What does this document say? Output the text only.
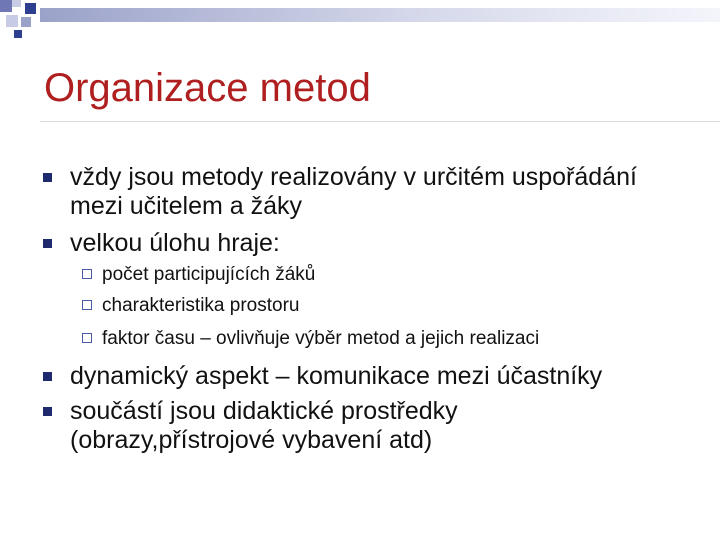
Organizace metod
vždy jsou metody realizovány v určitém uspořádání mezi učitelem a žáky
velkou úlohu hraje:
počet participujících žáků
charakteristika prostoru
faktor času – ovlivňuje výběr metod a jejich realizaci
dynamický aspekt – komunikace mezi účastníky
součástí jsou didaktické prostředky (obrazy,přístrojové vybavení atd)
